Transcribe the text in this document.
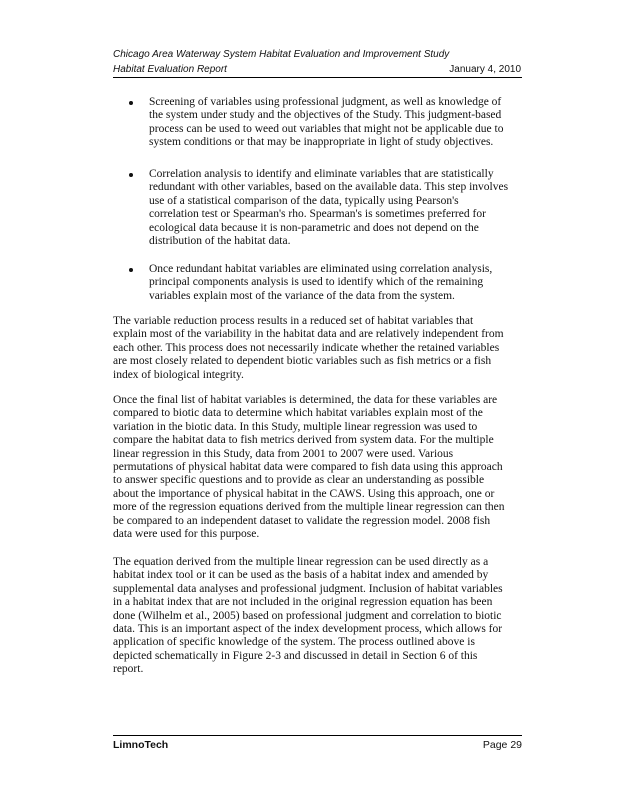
Chicago Area Waterway System Habitat Evaluation and Improvement Study
Habitat Evaluation Report	January 4, 2010
Screening of variables using professional judgment, as well as knowledge of
the system under study and the objectives of the Study. This judgment-based
process can be used to weed out variables that might not be applicable due to
system conditions or that may be inappropriate in light of study objectives.
Correlation analysis to identify and eliminate variables that are statistically
redundant with other variables, based on the available data. This step involves
use of a statistical comparison of the data, typically using Pearson's
correlation test or Spearman's rho. Spearman's is sometimes preferred for
ecological data because it is non-parametric and does not depend on the
distribution of the habitat data.
Once redundant habitat variables are eliminated using correlation analysis,
principal components analysis is used to identify which of the remaining
variables explain most of the variance of the data from the system.
The variable reduction process results in a reduced set of habitat variables that
explain most of the variability in the habitat data and are relatively independent from
each other. This process does not necessarily indicate whether the retained variables
are most closely related to dependent biotic variables such as fish metrics or a fish
index of biological integrity.
Once the final list of habitat variables is determined, the data for these variables are
compared to biotic data to determine which habitat variables explain most of the
variation in the biotic data. In this Study, multiple linear regression was used to
compare the habitat data to fish metrics derived from system data. For the multiple
linear regression in this Study, data from 2001 to 2007 were used. Various
permutations of physical habitat data were compared to fish data using this approach
to answer specific questions and to provide as clear an understanding as possible
about the importance of physical habitat in the CAWS. Using this approach, one or
more of the regression equations derived from the multiple linear regression can then
be compared to an independent dataset to validate the regression model. 2008 fish
data were used for this purpose.
The equation derived from the multiple linear regression can be used directly as a
habitat index tool or it can be used as the basis of a habitat index and amended by
supplemental data analyses and professional judgment. Inclusion of habitat variables
in a habitat index that are not included in the original regression equation has been
done (Wilhelm et al., 2005) based on professional judgment and correlation to biotic
data. This is an important aspect of the index development process, which allows for
application of specific knowledge of the system. The process outlined above is
depicted schematically in Figure 2-3 and discussed in detail in Section 6 of this
report.
LimnoTech	Page 29
